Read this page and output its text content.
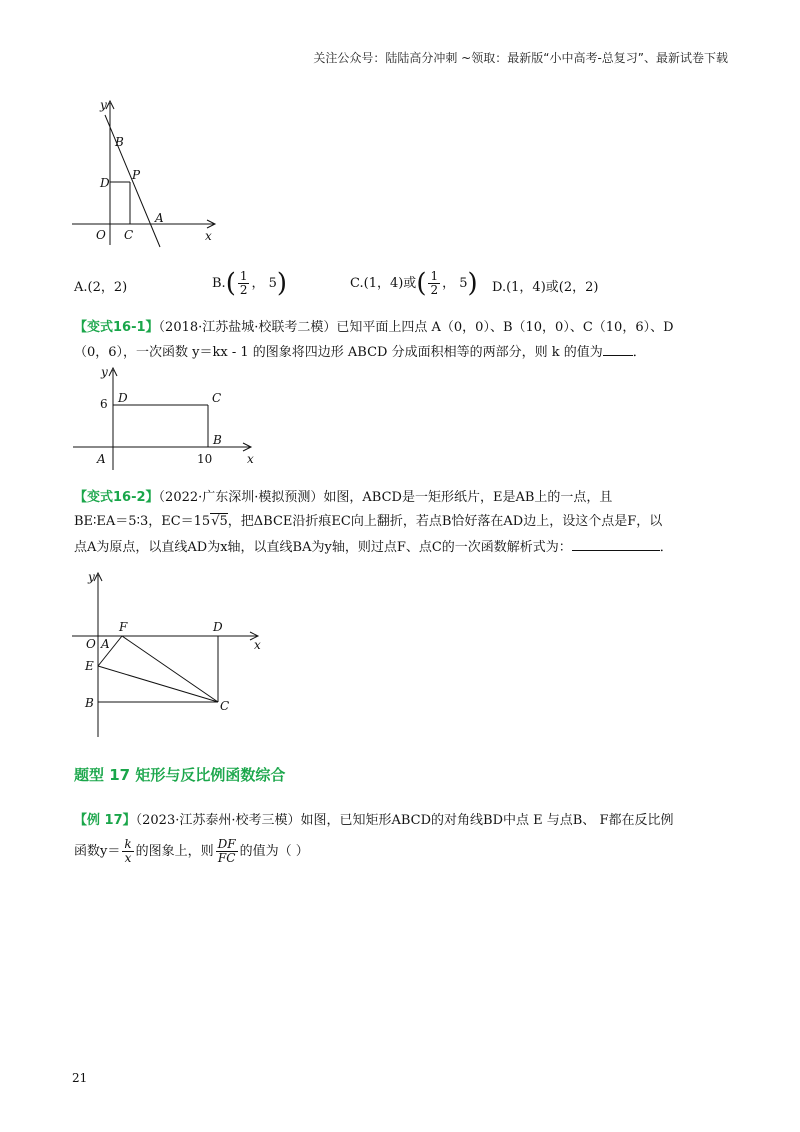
关注公众号：陆陆高分冲刺 ~领取：最新版“小中高考-总复习”、最新试卷下载
y
x
O
B
D
P
A
C
A.(2，2)	$B.( \frac{1}{2}$ ， 5)	C.(1，4)或( $\frac{1}{2}$ ， 5) D.(1，4)或(2，2)
【变式16-1】（2018·江苏盐城·校联考二模）已知平面上四点 A（0，0）、B（10，0）、C（10，6）、D
（0，6），一次函数 y＝kx - 1 的图象将四边形 ABCD 分成面积相等的两部分，则 k 的值为 ．
y
x
6
10
D	C
A
B
【变式16-2】（2022·广东深圳·模拟预测）如图，ABCD是一矩形纸片，E是AB上的一点，且
BE∶EA＝5∶3，EC＝15√5，把ΔBCE沿折痕EC向上翻折，若点B恰好落在AD边上，设这个点是F，以
点A为原点，以直线AD为x轴，以直线BA为y轴，则过点F、点C的一次函数解析式为：	．
y
x
O A
F	D
E
B	C
题型 17 矩形与反比例函数综合
【例 17】（2023·江苏泰州·校考三模）如图，已知矩形ABCD的对角线BD中点 E 与点B、 F都在反比例
函数$y= \frac{k}{x}$ 的图象上，则 $\frac{DF}{FC}$ 的值为（ ）
21
